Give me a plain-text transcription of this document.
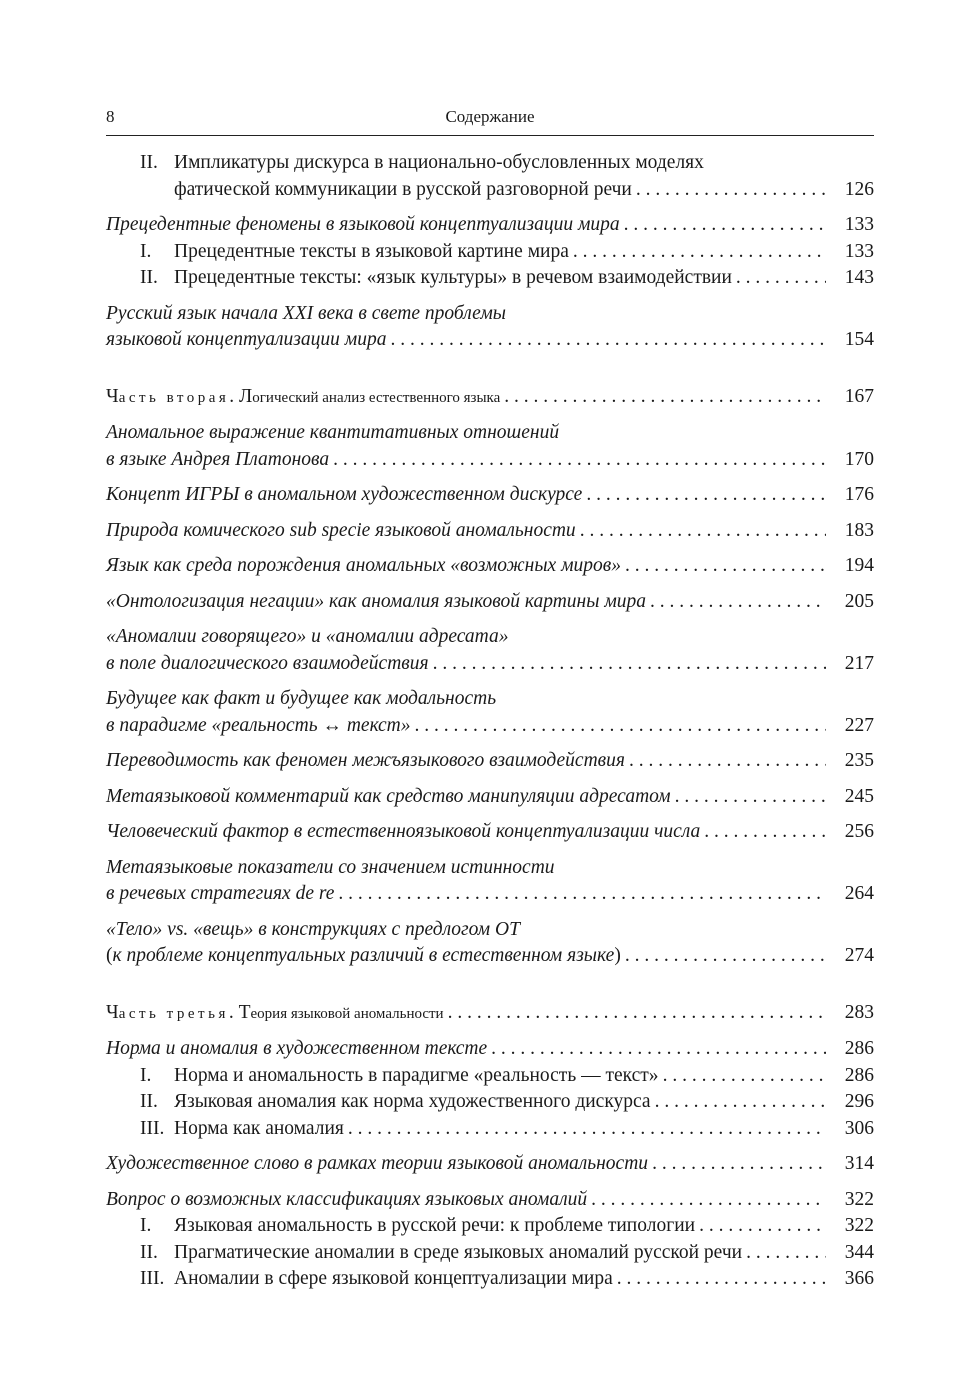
8	Содержание
II. Импликатуры дискурса в национально-обусловленных моделях
фатической коммуникации в русской разговорной речи . . .	126
Прецедентные феномены в языковой концептуализации мира . . .	133
I.	Прецедентные тексты в языковой картине мира . . .	133
II. Прецедентные тексты: «язык культуры» в речевом взаимодействии . . .	143
Русский язык начала XXI века в свете проблемы
языковой концептуализации мира . . .	154
Часть вторая. Логический анализ естественного языка . . .	167
Аномальное выражение квантитативных отношений
в языке Андрея Платонова . . .	170
Концепт ИГРЫ в аномальном художественном дискурсе . . .	176
Природа комического sub specie языковой аномальности . . .	183
Язык как среда порождения аномальных «возможных миров» . . .	194
«Онтологизация негации» как аномалия языковой картины мира . . .	205
«Аномалии говорящего» и «аномалии адресата»
в поле диалогического взаимодействия . . .	217
Будущее как факт и будущее как модальность
в парадигме «реальность ↔ текст» . . .	227
Переводимость как феномен межъязыкового взаимодействия . . .	235
Метаязыковой комментарий как средство манипуляции адресатом . . .	245
Человеческий фактор в естественноязыковой концептуализации числа . . .	256
Метаязыковые показатели со значением истинности
в речевых стратегиях de re . . .	264
«Тело» vs. «вещь» в конструкциях с предлогом ОТ
(к проблеме концептуальных различий в естественном языке) . . .	274
Часть третья. Теория языковой аномальности . . .	283
Норма и аномалия в художественном тексте . . .	286
I.	Норма и аномальность в парадигме «реальность — текст» . . .	286
II. Языковая аномалия как норма художественного дискурса . . .	296
III. Норма как аномалия . . .	306
Художественное слово в рамках теории языковой аномальности . . .	314
Вопрос о возможных классификациях языковых аномалий . . .	322
I.	Языковая аномальность в русской речи: к проблеме типологии . . .	322
II. Прагматические аномалии в среде языковых аномалий русской речи . . .	344
III. Аномалии в сфере языковой концептуализации мира . . .	366
